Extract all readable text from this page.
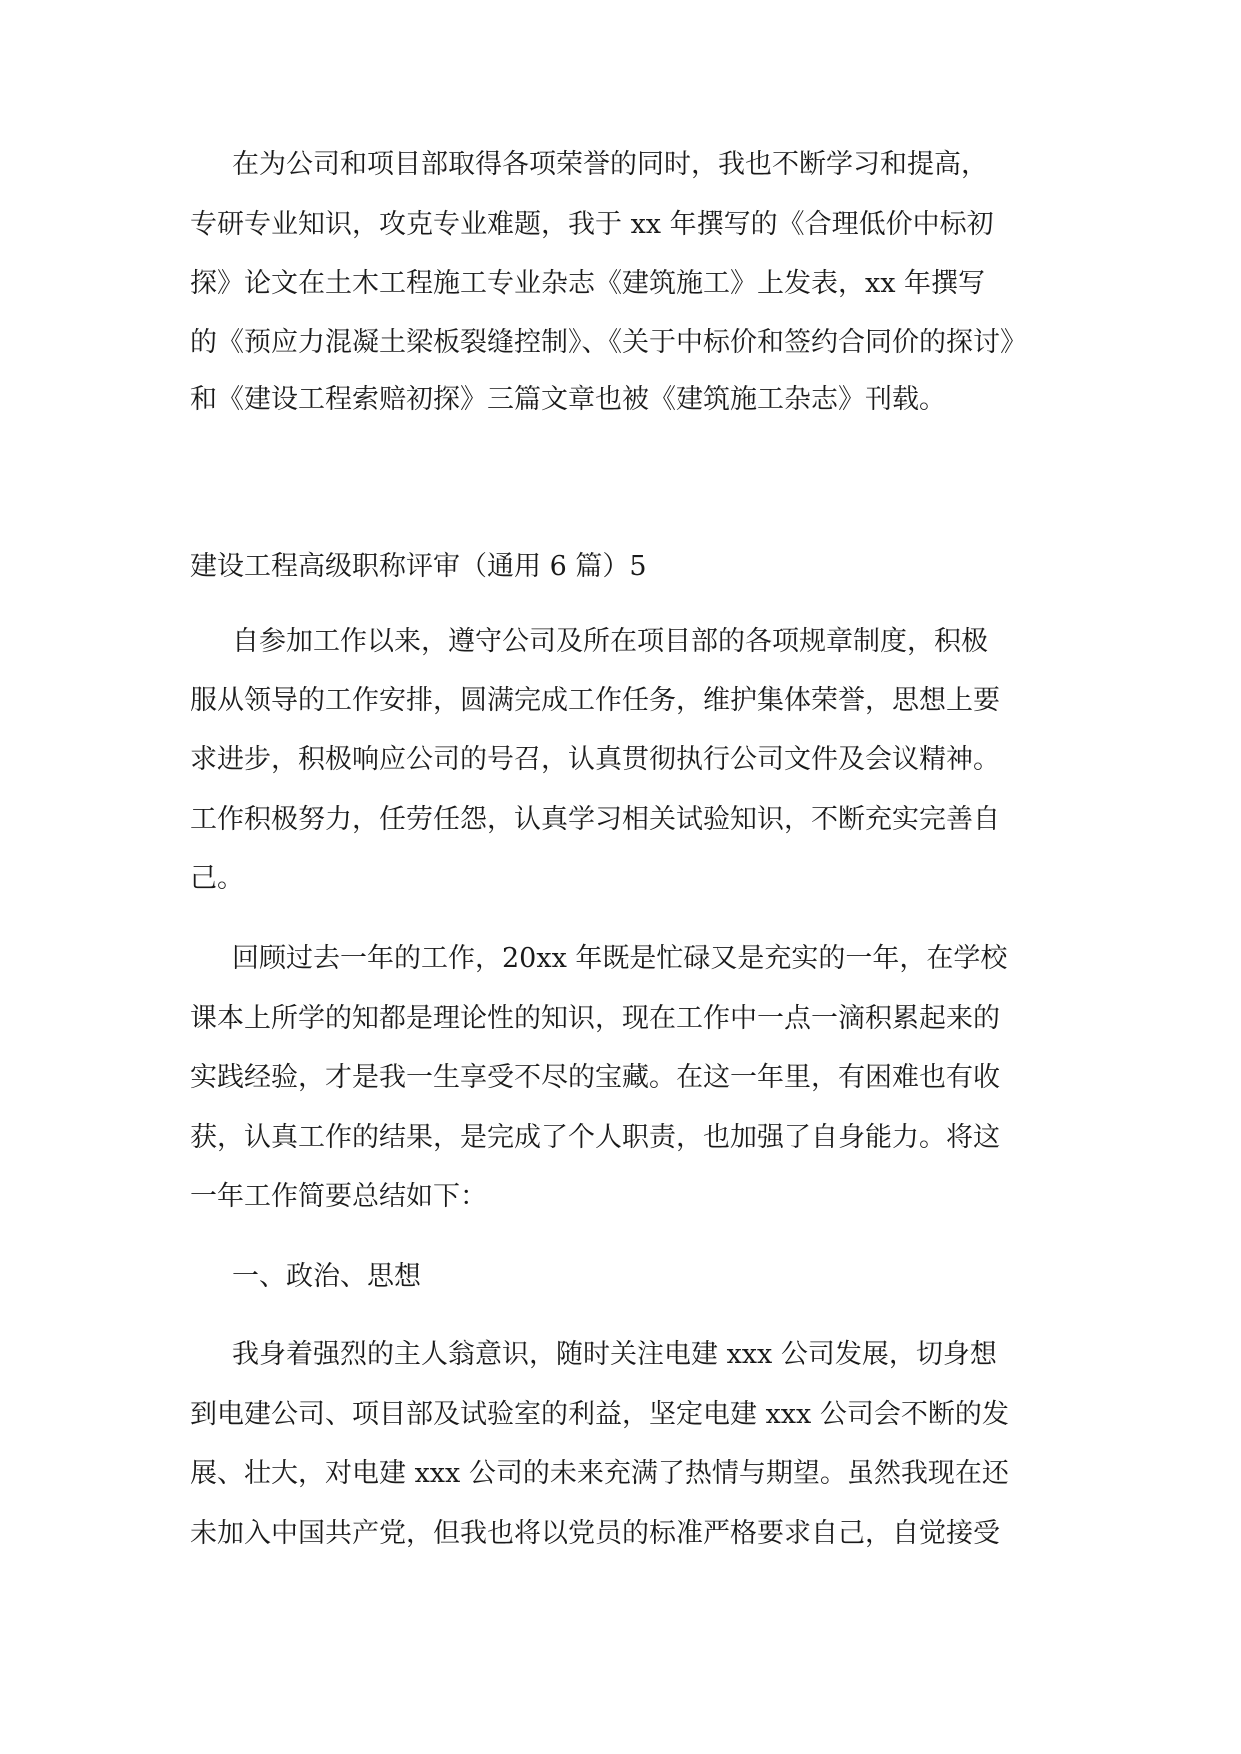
在为公司和项目部取得各项荣誉的同时，我也不断学习和提高，
专研专业知识，攻克专业难题，我于 xx 年撰写的《合理低价中标初
探》论文在土木工程施工专业杂志《建筑施工》上发表，xx 年撰写
的《预应力混凝土梁板裂缝控制》、《关于中标价和签约合同价的探讨》
和《建设工程索赔初探》三篇文章也被《建筑施工杂志》刊载。
建设工程高级职称评审（通用 6 篇）5
自参加工作以来，遵守公司及所在项目部的各项规章制度，积极
服从领导的工作安排，圆满完成工作任务，维护集体荣誉，思想上要
求进步，积极响应公司的号召，认真贯彻执行公司文件及会议精神。
工作积极努力，任劳任怨，认真学习相关试验知识，不断充实完善自
己。
回顾过去一年的工作，20xx 年既是忙碌又是充实的一年，在学校
课本上所学的知都是理论性的知识，现在工作中一点一滴积累起来的
实践经验，才是我一生享受不尽的宝藏。在这一年里，有困难也有收
获，认真工作的结果，是完成了个人职责，也加强了自身能力。将这
一年工作简要总结如下：
一、政治、思想
我身着强烈的主人翁意识，随时关注电建 xxx 公司发展，切身想
到电建公司、项目部及试验室的利益，坚定电建 xxx 公司会不断的发
展、壮大，对电建 xxx 公司的未来充满了热情与期望。虽然我现在还
未加入中国共产党，但我也将以党员的标准严格要求自己，自觉接受
